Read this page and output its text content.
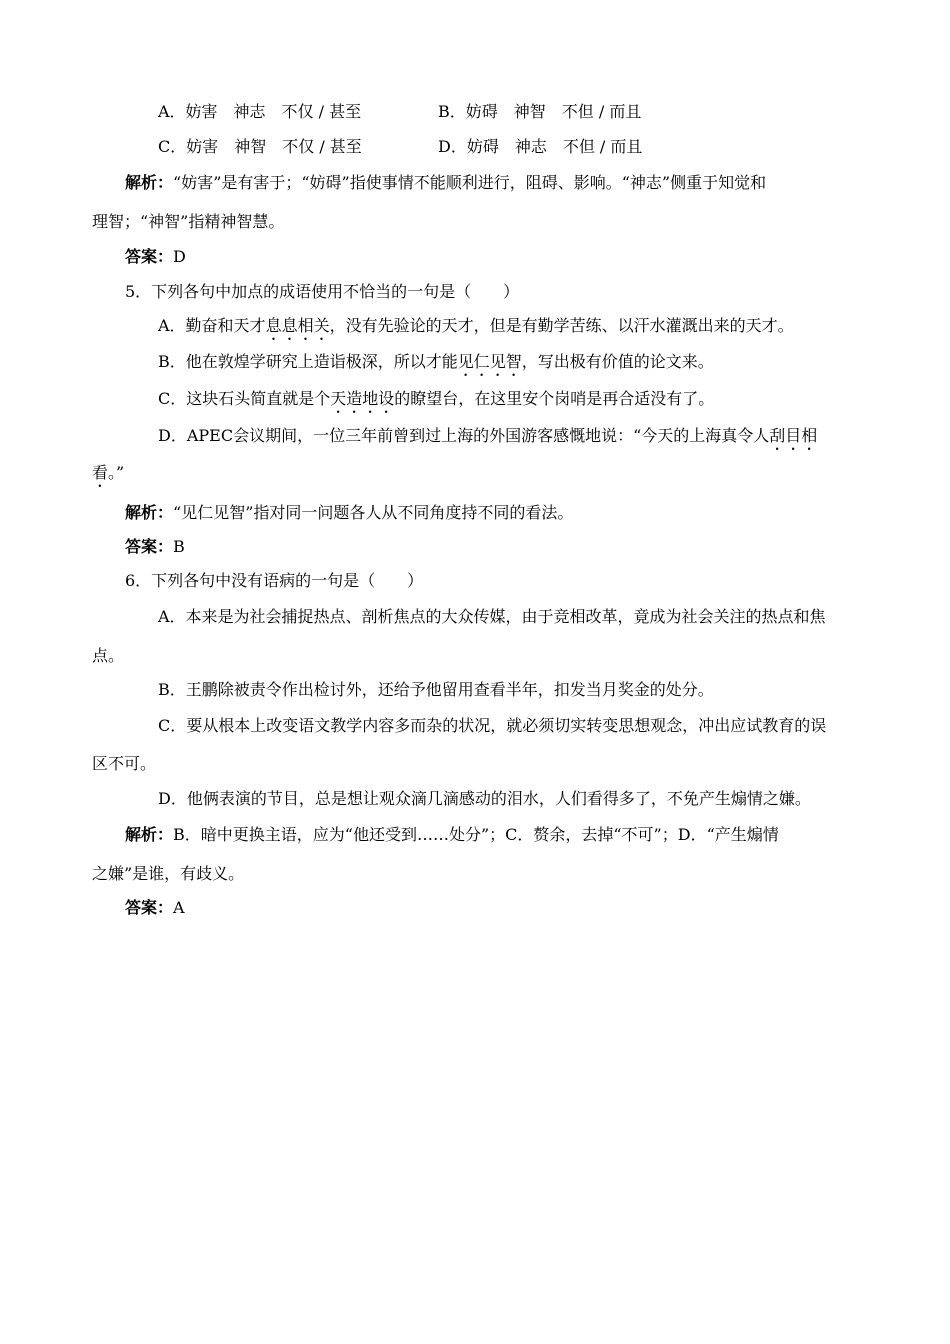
A．妨害　神志　不仅 / 甚至	B．妨碍　神智　不但 / 而且
C．妨害　神智　不仅 / 甚至	D．妨碍　神志　不但 / 而且
解析：“妨害”是有害于；“妨碍”指使事情不能顺利进行，阻碍、影响。“神志”侧重于知觉和
理智；“神智”指精神智慧。
答案：D
5．下列各句中加点的成语使用不恰当的一句是（　　）
A．勤奋和天才息息相关，没有先验论的天才，但是有勤学苦练、以汗水灌溉出来的天才。
B．他在敦煌学研究上造诣极深，所以才能见仁见智，写出极有价值的论文来。
C．这块石头简直就是个天造地设的瞭望台，在这里安个岗哨是再合适没有了。
D．APEC会议期间，一位三年前曾到过上海的外国游客感慨地说：“今天的上海真令人刮目相
看。”
解析：“见仁见智”指对同一问题各人从不同角度持不同的看法。
答案：B
6．下列各句中没有语病的一句是（　　）
A．本来是为社会捕捉热点、剖析焦点的大众传媒，由于竞相改革，竟成为社会关注的热点和焦
点。
B．王鹏除被责令作出检讨外，还给予他留用查看半年，扣发当月奖金的处分。
C．要从根本上改变语文教学内容多而杂的状况，就必须切实转变思想观念，冲出应试教育的误
区不可。
D．他俩表演的节目，总是想让观众滴几滴感动的泪水，人们看得多了，不免产生煽情之嫌。
解析：B．暗中更换主语，应为“他还受到……处分”；C．赘余，去掉“不可”；D．“产生煽情
之嫌”是谁，有歧义。
答案：A
